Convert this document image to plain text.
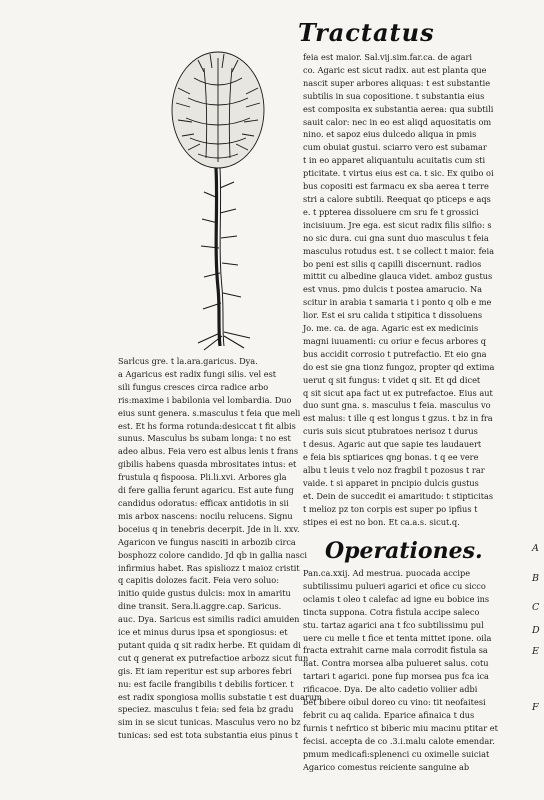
Tractatus
Sarlcus gre. t la.ara.garicus. Dya.
a Agaricus est radix fungi silis. vel est
sili fungus cresces circa radice arbo
ris:maxime i babilonia vel lombardia. Duo
eius sunt genera. s.masculus t feia que meli
est. Et hs forma rotunda:desiccat t fit albis
sunus. Masculus bs subam longa: t no est
adeo albus. Feia vero est albus lenis t frans
gibilis habens quasda mbrositates intus: et
frustula q fispoosa. Pli.li.xvi. Arbores gla
di fere gallia ferunt agaricu. Est aute fung
candidus odoratus: efficax antidotis in sii
mis arbox nascens: nocilu relucens. Signu
boceius q in tenebris decerpit. Jde in li. xxv.
Agaricon ve fungus nasciti in arbozib circa
bosphozz colore candido. Jd qb in gallia nasci
infirmius habet. Ras spisliozz t maioz cristit
q capitis dolozes facit. Feia vero soluo:
initio quide gustus dulcis: mox in amaritu
dine transit. Sera.li.aggre.cap. Saricus.
auc. Dya. Saricus est similis radici amuiden
ice et minus durus ipsa et spongiosus: et
putant quida q sit radix herbe. Et quidam di
cut q generat ex putrefactioe arbozz sicut fun
gis. Et iam reperitur est sup arbores febri
nu: est facile frangibilis t debilis forticer. t
est radix spongiosa mollis substatie t est duarum
speciez. masculus t feia: sed feia bz gradu
sim in se sicut tunicas. Masculus vero no bz
tunicas: sed est tota substantia eius pinus t
feia est maior. Sal.vij.sim.far.ca. de agari
co. Agaric est sicut radix. aut est planta que
nascit super arbores aliquas: t est substantie
subtilis in sua copositione. t substantia eius
est composita ex substantia aerea: qua subtili
sauit calor: nec in eo est aliqd aquositatis om
nino. et sapoz eius dulcedo aliqua in pmis
cum obuiat gustui. sciarro vero est subamar
t in eo apparet aliquantulu acuitatis cum sti
pticitate. t virtus eius est ca. t sic. Ex quibo oi
bus copositi est farmacu ex sba aerea t terre
stri a calore subtili. Reequat qo pticeps e aqs
e. t ppterea dissoluere cm sru fe t grossici
incisiuum. Jre ega. est sicut radix filis silfio: s
no sic dura. cui gna sunt duo masculus t feia
masculus rotudus est. t se collect t maior. feia
bo peni est silis q capilli discernunt. radios
mittit cu albedine glauca videt. amboz gustus
est vnus. pmo dulcis t postea amarucio. Na
scitur in arabia t samaria t i ponto q olb e me
lior. Est ei sru calida t stipitica t dissoluens
Jo. me. ca. de aga. Agaric est ex medicinis
magni iuuamenti: cu oriur e fecus arbores q
bus accidit corrosio t putrefactio. Et eio gna
do est sie gna tionz fungoz, propter qd extima
uerut q sit fungus: t videt q sit. Et qd dicet
q sit sicut apa fact ut ex putrefactoe. Eius aut
duo sunt gna. s. masculus t feia. masculus vo
est malus: t ille q est longus t gzus. t bz in fra
curis suis sicut ptubratoes nerisoz t durus
t desus. Agaric aut que sapie tes laudauert
e feia bis sptiarices qng bonas. t q ee vere
albu t leuis t velo noz fragbil t pozosus t rar
vaide. t si apparet in pncipio dulcis gustus
et. Dein de succedit ei amaritudo: t stipticitas
t melioz pz ton corpis est super po ipfius t
stipes ei est no bon. Et ca.a.s. sicut.q.
Operationes.
Pan.ca.xxij. Ad mestrua. puocada accipe
subtilissimu pulueri agarici et ofice cu sicco
oclamis t oleo t calefac ad igne eu bobice ins
tincta suppona. Cotra fistula accipe saleco
stu. tartaz agarici ana t fco subtilissimu pul
uere cu melle t fice et tenta mittet ipone. oila
fracta extrahit carne mala corrodit fistula sa
nat. Contra morsea alba pulueret salus. cotu
tartari t agarici. pone fup morsea pus fca ica
rificacoe. Dya. De alto cadetio voliier adbi
bet bibere oibul doreo cu vino: tit neofaitesi
febrit cu aq calida. Eparice afinaica t dus
furnis t nefrtico st biberic miu macinu ptitar et
fecisi. accepta de co .3.i.malu calote emendar.
pmum medicafi:splenenci cu oximelle suiciat
Agarico comestus reiciente sanguine ab
A
B
C
D
E
F
